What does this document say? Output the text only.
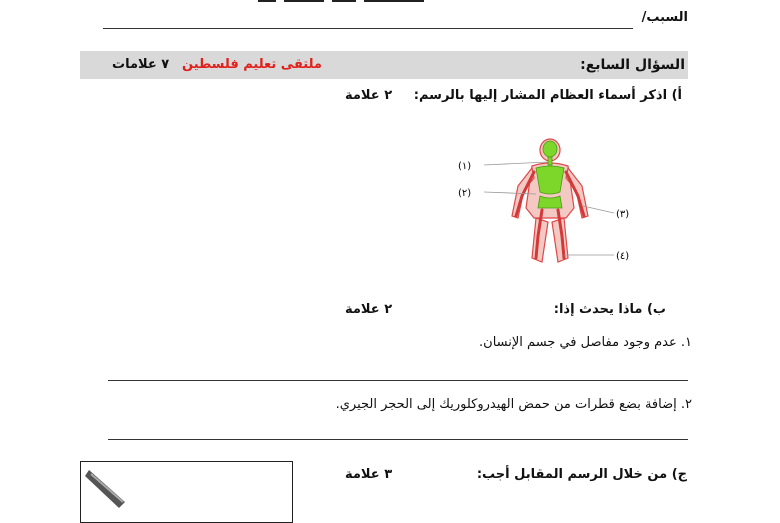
السبب/
السؤال السابع:
ملتقى تعليم فلسطين
٧ علامات
أ) اذكر أسماء العظام المشار إليها بالرسم:
٢ علامة
(١)
(٢)
(٣)
(٤)
ب) ماذا يحدث إذا:
٢ علامة
١. عدم وجود مفاصل في جسم الإنسان.
٢. إضافة بضع قطرات من حمض الهيدروكلوريك إلى الحجر الجيري.
ج) من خلال الرسم المقابل أجب:
٣ علامة
